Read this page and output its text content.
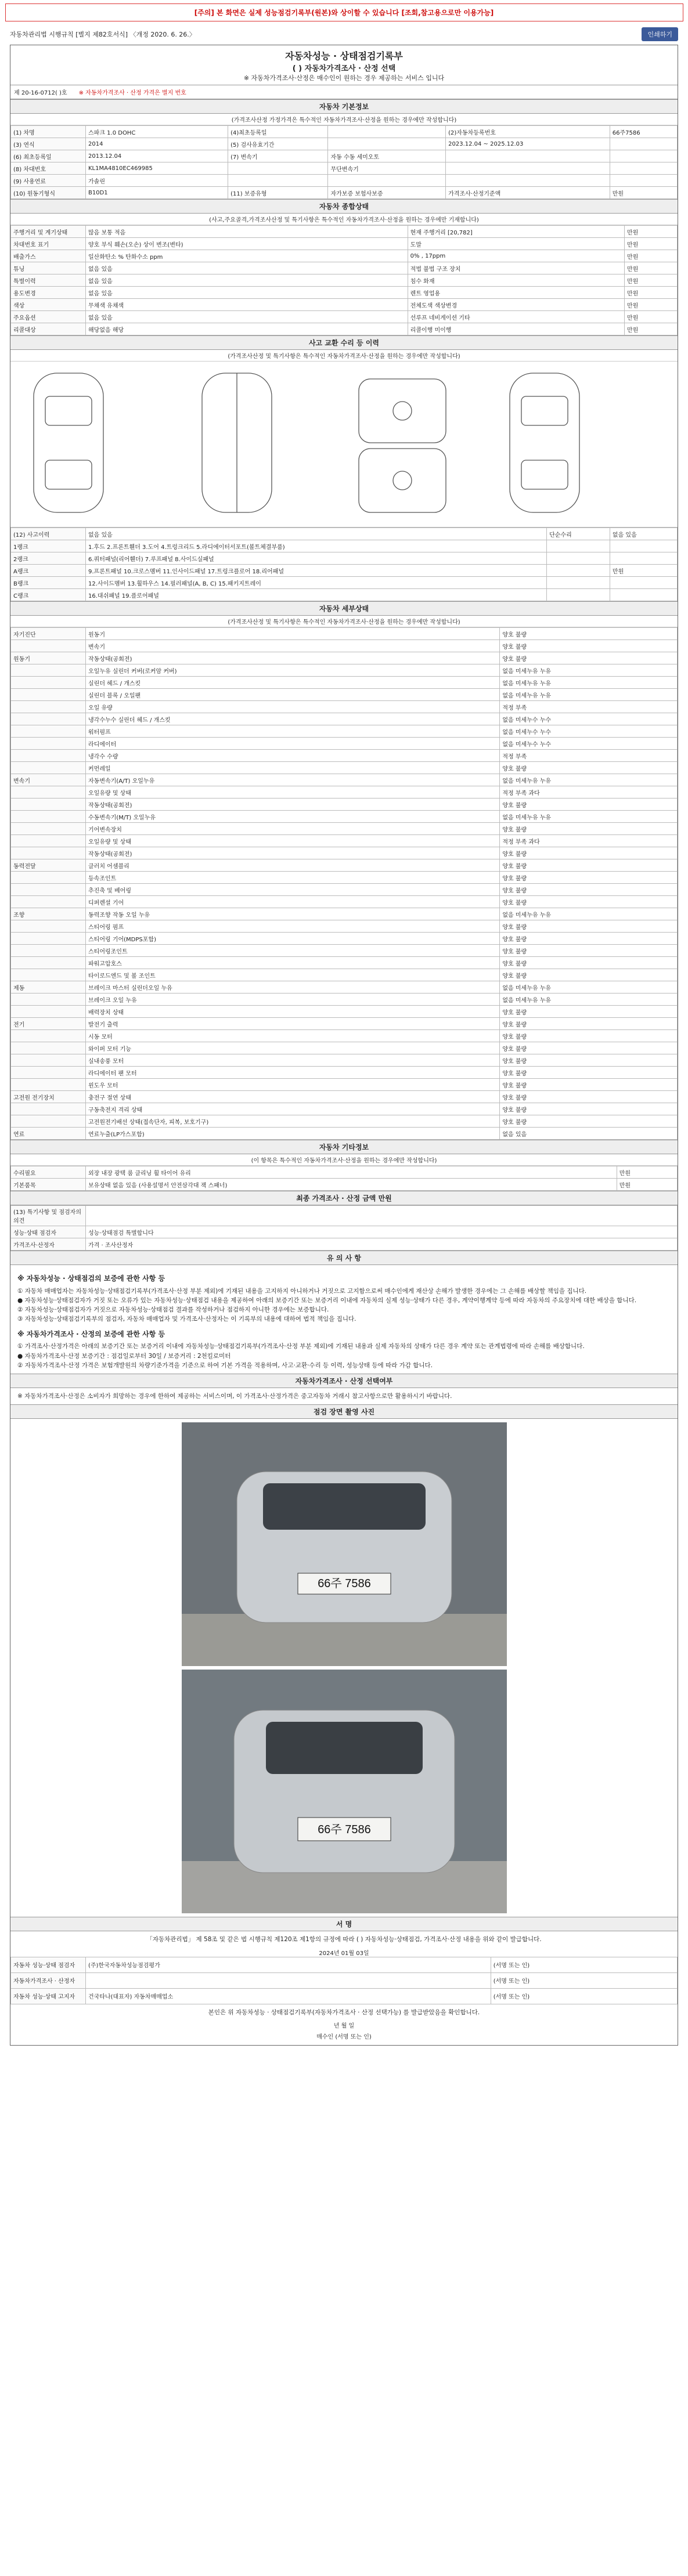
[주의] 본 화면은 실제 성능점검기록부(원본)와 상이할 수 있습니다 [조회,참고용으로만 이용가능]
자동차관리법 시행규칙 [별지 제82호서식] 〈개정 2020. 6. 26.〉	인쇄하기
자동차성능 · 상태점검기록부
( ) 자동차가격조사 · 산정 선택
※ 자동차가격조사·산정은 매수인이 원하는 경우 제공하는 서비스 입니다
제 20-16-0712( )호 ※ 자동차가격조사 · 산정 가격은 별지 번호
자동차 기본정보
(가격조사산정 가정가격은 특수적인 자동차가격조사·산정을 원하는 경우에만 작성합니다)
(1) 차명	스파크 1.0 DOHC	(4)최초등록일		(2)자동차등록번호	66주7586
(3) 연식	2014	(5) 검사유효기간		2023.12.04 ~ 2025.12.03	
(6) 최초등록일	2013.12.04	(7) 변속기	자동 수동 세미오토		
(8) 차대번호	KL1MA4810EC469985		무단변속기		
(9) 사용연료	가솔린				
(10) 원동기형식	B10D1	(11) 보증유형	자가보증 보험사보증	가격조사·산정기준액	만원
자동차 종합상태
(사고,주요골격,가격조사산정 및 특기사항은 특수적인 자동차가격조사·산정을 원하는 경우에만 기재합니다)
주행거리 및 계기상태	많음 보통 적음	현재 주행거리 [20,782]	만원
차대번호 표기	양호 부식 훼손(오손) 상이 변조(변타)	도말	만원
배출가스	일산화탄소 % 탄화수소 ppm	0% , 17ppm	만원
튜닝	없음 있음	적법 불법 구조 장치	만원
특별이력	없음 있음	침수 화재	만원
용도변경	없음 있음	렌트 영업용	만원
색상	무채색 유채색	전체도색 색상변경	만원
주요옵션	없음 있음	선루프 네비게이션 기타	만원
리콜대상	해당없음 해당	리콜이행 미이행	만원
사고 교환 수리 등 이력
(가격조사산정 및 특기사항은 특수적인 자동차가격조사·산정을 원하는 경우에만 작성합니다)
(12) 사고이력	없음 있음	단순수리	없음 있음
1랭크	1.후드 2.프론트휀더 3.도어 4.트렁크리드 5.라디에이터서포트(볼트체결부품)		
2랭크	6.쿼터패널(리어휀더) 7.루프패널 8.사이드실패널		
A랭크	9.프론트패널 10.크로스멤버 11.인사이드패널 17.트렁크플로어 18.리어패널		만원
B랭크	12.사이드멤버 13.휠하우스 14.필러패널(A, B, C) 15.패키지트레이		
C랭크	16.대쉬패널 19.플로어패널		
자동차 세부상태
(가격조사산정 및 특기사항은 특수적인 자동차가격조사·산정을 원하는 경우에만 작성합니다)
자기진단	원동기	양호 불량
	변속기	양호 불량
원동기	작동상태(공회전)	양호 불량
	오일누유 실린더 커버(로커암 커버)	없음 미세누유 누유
	실린더 헤드 / 개스킷	없음 미세누유 누유
	실린더 블록 / 오일팬	없음 미세누유 누유
	오일 유량	적정 부족
	냉각수누수 실린더 헤드 / 개스킷	없음 미세누수 누수
	워터펌프	없음 미세누수 누수
	라디에이터	없음 미세누수 누수
	냉각수 수량	적정 부족
	커먼레일	양호 불량
변속기	자동변속기(A/T) 오일누유	없음 미세누유 누유
	오일유량 및 상태	적정 부족 과다
	작동상태(공회전)	양호 불량
	수동변속기(M/T) 오일누유	없음 미세누유 누유
	기어변속장치	양호 불량
	오일유량 및 상태	적정 부족 과다
	작동상태(공회전)	양호 불량
동력전달	클러치 어셈블리	양호 불량
	등속조인트	양호 불량
	추진축 및 베어링	양호 불량
	디퍼렌셜 기어	양호 불량
조향	동력조향 작동 오일 누유	없음 미세누유 누유
	스티어링 펌프	양호 불량
	스티어링 기어(MDPS포함)	양호 불량
	스티어링조인트	양호 불량
	파워고압호스	양호 불량
	타이로드엔드 및 볼 조인트	양호 불량
제동	브레이크 마스터 실린더오일 누유	없음 미세누유 누유
	브레이크 오일 누유	없음 미세누유 누유
	배력장치 상태	양호 불량
전기	발전기 출력	양호 불량
	시동 모터	양호 불량
	와이퍼 모터 기능	양호 불량
	실내송풍 모터	양호 불량
	라디에이터 팬 모터	양호 불량
	윈도우 모터	양호 불량
고전원 전기장치	충전구 절연 상태	양호 불량
	구동축전지 격리 상태	양호 불량
	고전원전기배선 상태(접속단자, 피복, 보호기구)	양호 불량
연료	연료누출(LP가스포함)	없음 있음
자동차 기타정보
(이 항목은 특수적인 자동차가격조사·산정을 원하는 경우에만 작성합니다)
수리필요	외장 내장 광택 룸 클리닝 휠 타이어 유리	만원
기본품목	보유상태 없음 있음 (사용설명서 안전삼각대 잭 스패너)	만원
최종 가격조사 · 산정 금액 만원
(13) 특기사항 및 점검자의 의견	
성능·상태 점검자	성능·상태점검 특별합니다
가격조사·산정자	가격 · 조사산정자
유 의 사 항
※ 자동차성능 · 상태점검의 보증에 관한 사항 등
① 자동차 매매업자는 자동차성능·상태점검기록부(가격조사·산정 부분 제외)에 기재된 내용을 고지하지 아니하거나 거짓으로 고지함으로써 매수인에게 재산상 손해가 발생한 경우에는 그 손해를 배상할 책임을 집니다.
● 자동차성능·상태점검자가 거짓 또는 오류가 있는 자동차성능·상태점검 내용을 제공하여 아래의 보증기간 또는 보증거리 이내에 자동차의 실제 성능·상태가 다른 경우, 계약이행계약 등에 따라 자동차의 주요장치에 대한 배상을 합니다.
② 자동차성능·상태점검자가 거짓으로 자동차성능·상태점검 결과를 작성하거나 점검하지 아니한 경우에는 보증합니다.
③ 자동차성능·상태점검기록부의 점검자, 자동차 매매업자 및 가격조사·산정자는 이 기록부의 내용에 대하여 법적 책임을 집니다.
※ 자동차가격조사 · 산정의 보증에 관한 사항 등
① 가격조사·산정가격은 아래의 보증기간 또는 보증거리 이내에 자동차성능·상태점검기록부(가격조사·산정 부분 제외)에 기재된 내용과 실제 자동차의 상태가 다른 경우 계약 또는 관계법령에 따라 손해를 배상합니다.
● 자동차가격조사·산정 보증기간 : 점검일로부터 30일 / 보증거리 : 2천킬로미터
② 자동차가격조사·산정 가격은 보험개발원의 차량기준가격을 기준으로 하여 기본 가격을 적용하며, 사고·교환·수리 등 이력, 성능상태 등에 따라 가감 합니다.
자동차가격조사 · 산정 선택여부
※ 자동차가격조사·산정은 소비자가 희망하는 경우에 한하여 제공하는 서비스이며, 이 가격조사·산정가격은 중고자동차 거래시 참고사항으로만 활용하시기 바랍니다.
점검 장면 촬영 사진
66주 7586
66주 7586
서 명
「자동차관리법」 제 58조 및 같은 법 시행규칙 제120조 제1항의 규정에 따라 ( ) 자동차성능·상태점검, 가격조사·산정 내용을 위와 같이 발급합니다.
2024년 01월 03일
자동차 성능·상태 점검자	(주)한국자동차성능점검평가	(서명 또는 인)
자동차가격조사 · 산정자		(서명 또는 인)
자동차 성능·상태 고지자	건국타나(대표자) 자동차매매업소	(서명 또는 인)
본인은 위 자동차성능 · 상태점검기록부(자동차가격조사 · 산정 선택가능) 를 발급받았음을 확인합니다.
년 월 일
매수인 (서명 또는 인)
